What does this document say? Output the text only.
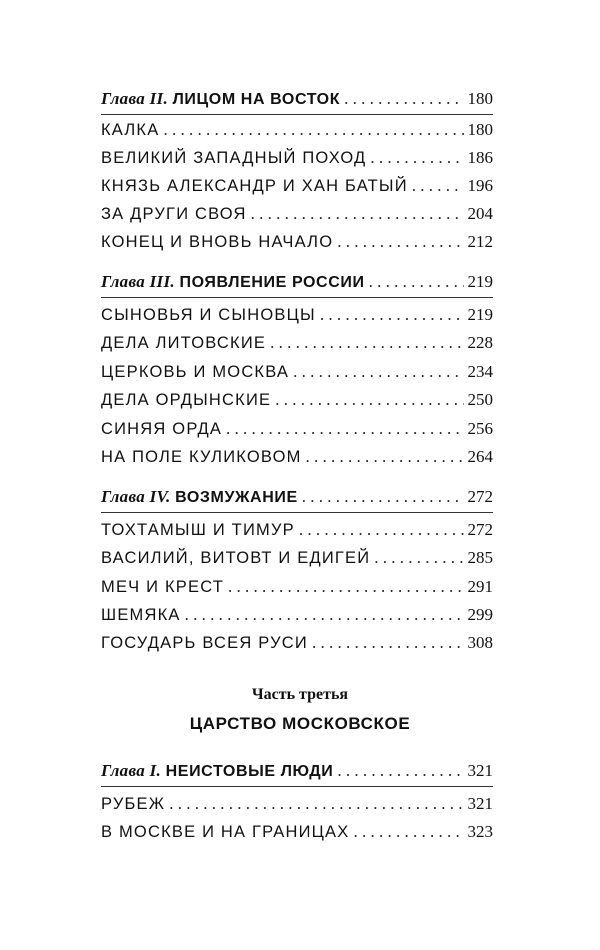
Глава II. ЛИЦОМ НА ВОСТОК . . .	180
КАЛКА . . .	180
ВЕЛИКИЙ ЗАПАДНЫЙ ПОХОД . . .	186
КНЯЗЬ АЛЕКСАНДР И ХАН БАТЫЙ . . .	196
ЗА ДРУГИ СВОЯ . . .	204
КОНЕЦ И ВНОВЬ НАЧАЛО . . .	212
Глава III. ПОЯВЛЕНИЕ РОССИИ . . .	219
СЫНОВЬЯ И СЫНОВЦЫ . . .	219
ДЕЛА ЛИТОВСКИЕ . . .	228
ЦЕРКОВЬ И МОСКВА . . .	234
ДЕЛА ОРДЫНСКИЕ . . .	250
СИНЯЯ ОРДА . . .	256
НА ПОЛЕ КУЛИКОВОМ . . .	264
Глава IV. ВОЗМУЖАНИЕ . . .	272
ТОХТАМЫШ И ТИМУР . . .	272
ВАСИЛИЙ, ВИТОВТ И ЕДИГЕЙ . . .	285
МЕЧ И КРЕСТ . . .	291
ШЕМЯКА . . .	299
ГОСУДАРЬ ВСЕЯ РУСИ . . .	308
Часть третья
ЦАРСТВО МОСКОВСКОЕ
Глава I. НЕИСТОВЫЕ ЛЮДИ . . .	321
РУБЕЖ . . .	321
В МОСКВЕ И НА ГРАНИЦАХ . . .	323
